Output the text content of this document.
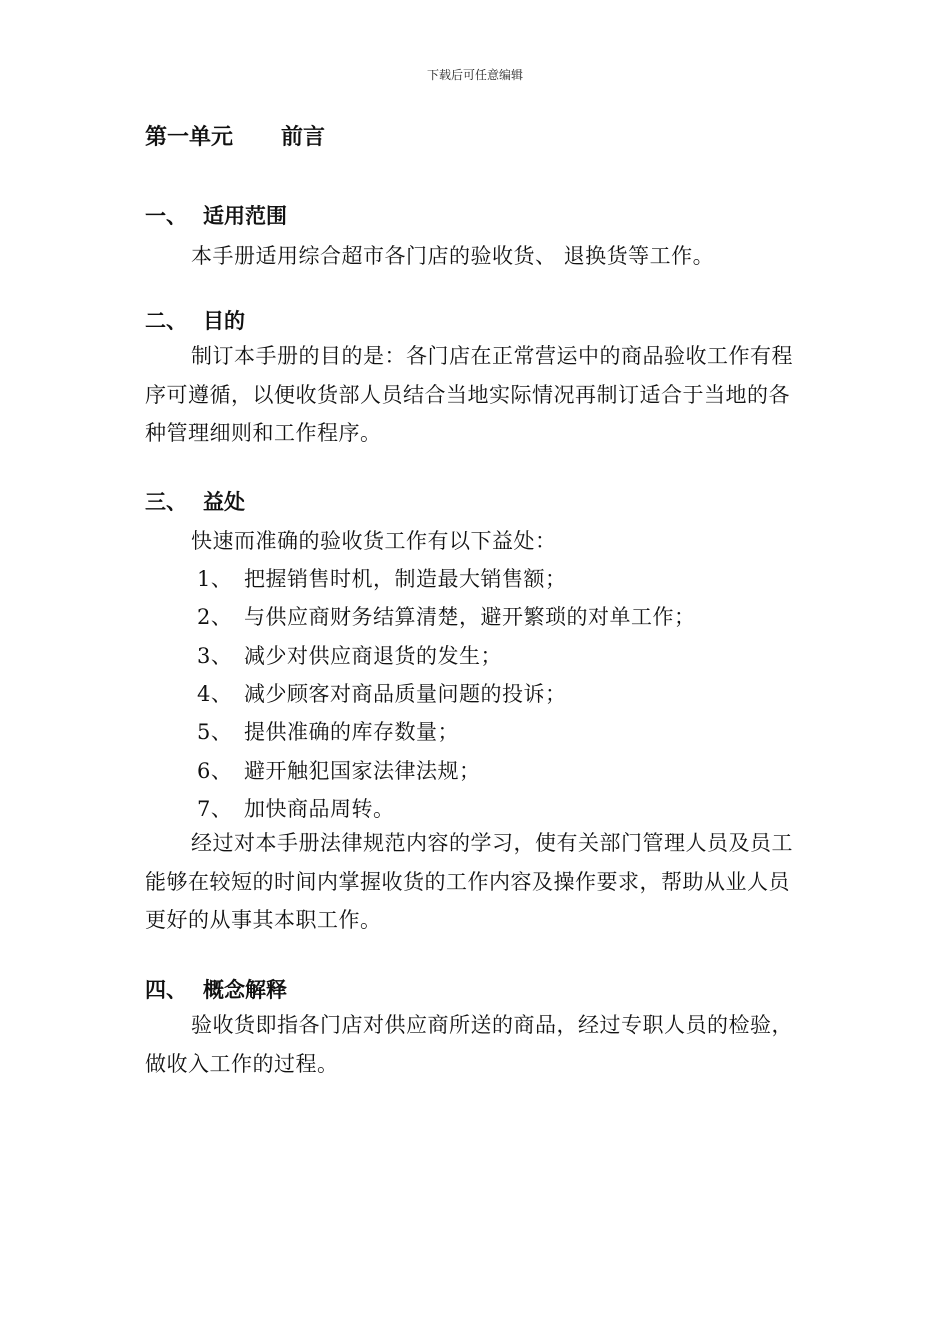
下载后可任意编辑
第一单元 前言
一、 适用范围
本手册适用综合超市各门店的验收货、 退换货等工作。
二、 目的
制订本手册的目的是：各门店在正常营运中的商品验收工作有程序可遵循，以便收货部人员结合当地实际情况再制订适合于当地的各种管理细则和工作程序。
三、 益处
快速而准确的验收货工作有以下益处：
1、 把握销售时机，制造最大销售额；
2、 与供应商财务结算清楚，避开繁琐的对单工作；
3、 减少对供应商退货的发生；
4、 减少顾客对商品质量问题的投诉；
5、 提供准确的库存数量；
6、 避开触犯国家法律法规；
7、 加快商品周转。
经过对本手册法律规范内容的学习，使有关部门管理人员及员工能够在较短的时间内掌握收货的工作内容及操作要求，帮助从业人员更好的从事其本职工作。
四、 概念解释
验收货即指各门店对供应商所送的商品，经过专职人员的检验，做收入工作的过程。
